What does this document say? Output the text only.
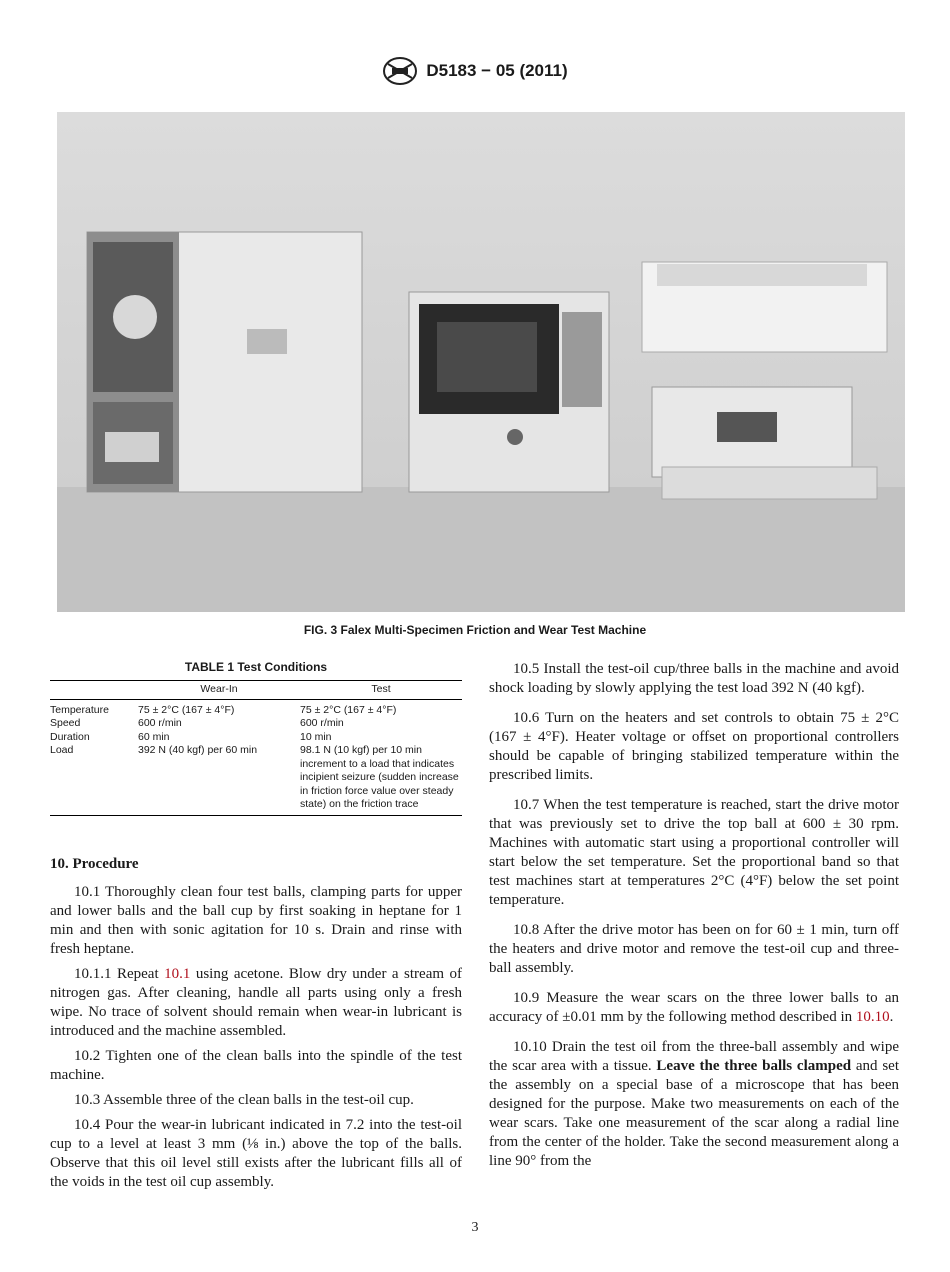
D5183 − 05 (2011)
FIG. 3 Falex Multi-Specimen Friction and Wear Test Machine
TABLE 1 Test Conditions
	Wear-In	Test
Temperature	75 ± 2°C (167 ± 4°F)	75 ± 2°C (167 ± 4°F)
Speed	600 r/min	600 r/min
Duration	60 min	10 min
Load	392 N (40 kgf) per 60 min	98.1 N (10 kgf) per 10 min increment to a load that indicates incipient seizure (sudden increase in friction force value over steady state) on the friction trace
10. Procedure

10.1 Thoroughly clean four test balls, clamping parts for upper and lower balls and the ball cup by first soaking in heptane for 1 min and then with sonic agitation for 10 s. Drain and rinse with fresh heptane.

10.1.1 Repeat 10.1 using acetone. Blow dry under a stream of nitrogen gas. After cleaning, handle all parts using only a fresh wipe. No trace of solvent should remain when wear-in lubricant is introduced and the machine assembled.

10.2 Tighten one of the clean balls into the spindle of the test machine.

10.3 Assemble three of the clean balls in the test-oil cup.

10.4 Pour the wear-in lubricant indicated in 7.2 into the test-oil cup to a level at least 3 mm (⅛ in.) above the top of the balls. Observe that this oil level still exists after the lubricant fills all of the voids in the test oil cup assembly.

10.5 Install the test-oil cup/three balls in the machine and avoid shock loading by slowly applying the test load 392 N (40 kgf).

10.6 Turn on the heaters and set controls to obtain 75 ± 2°C (167 ± 4°F). Heater voltage or offset on proportional controllers should be capable of bringing stabilized temperature within the prescribed limits.

10.7 When the test temperature is reached, start the drive motor that was previously set to drive the top ball at 600 ± 30 rpm. Machines with automatic start using a proportional controller will start below the set temperature. Set the proportional band so that test machines start at temperatures 2°C (4°F) below the set point temperature.

10.8 After the drive motor has been on for 60 ± 1 min, turn off the heaters and drive motor and remove the test-oil cup and three-ball assembly.

10.9 Measure the wear scars on the three lower balls to an accuracy of ±0.01 mm by the following method described in 10.10.

10.10 Drain the test oil from the three-ball assembly and wipe the scar area with a tissue. Leave the three balls clamped and set the assembly on a special base of a microscope that has been designed for the purpose. Make two measurements on each of the wear scars. Take one measurement of the scar along a radial line from the center of the holder. Take the second measurement along a line 90° from the

3
